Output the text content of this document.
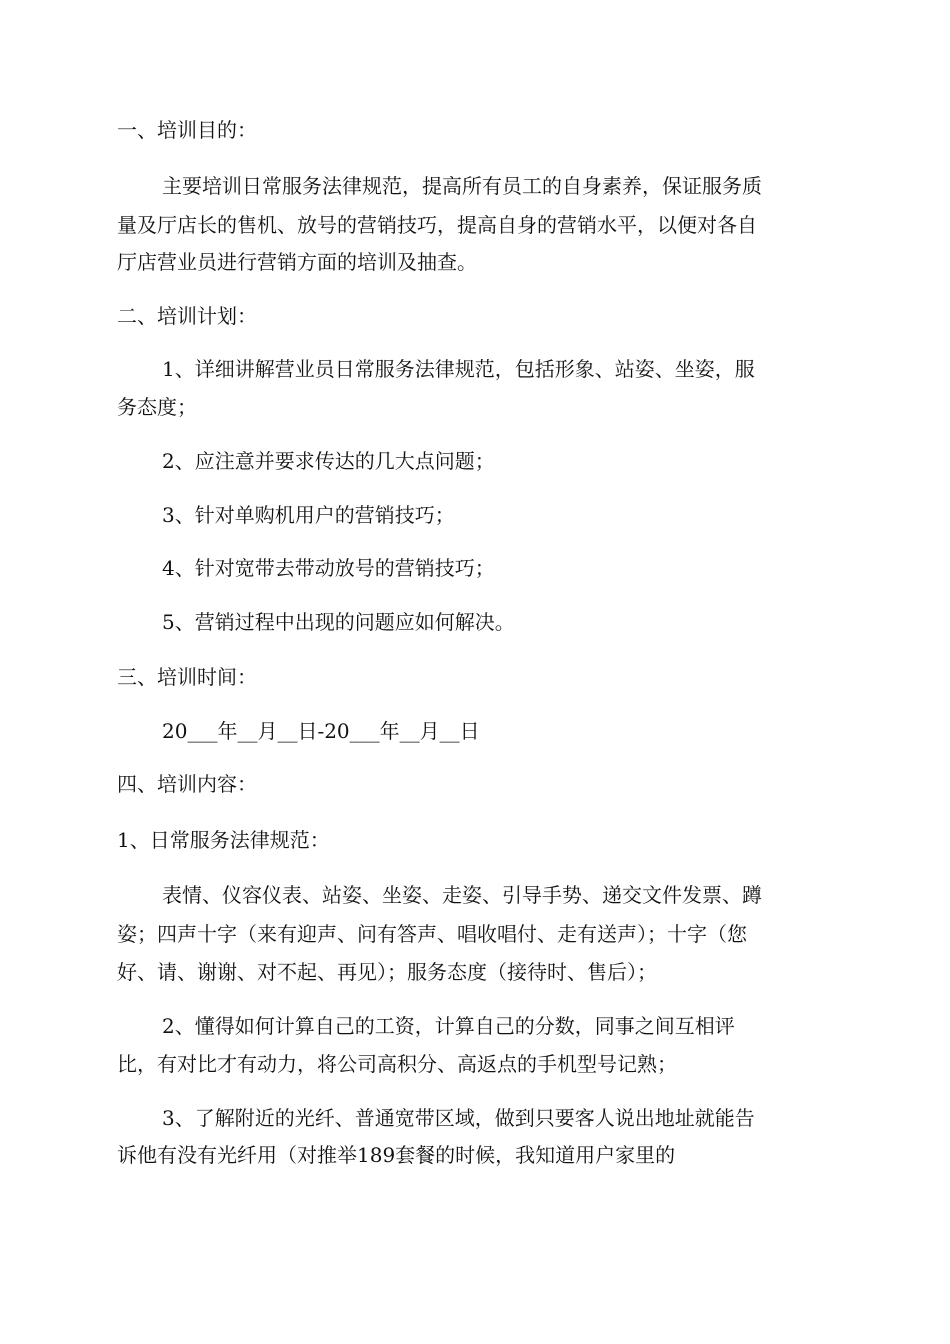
一、培训目的：
主要培训日常服务法律规范，提高所有员工的自身素养，保证服务质
量及厅店长的售机、放号的营销技巧，提高自身的营销水平，以便对各自
厅店营业员进行营销方面的培训及抽查。
二、培训计划：
1、详细讲解营业员日常服务法律规范，包括形象、站姿、坐姿，服
务态度；
2、应注意并要求传达的几大点问题；
3、针对单购机用户的营销技巧；
4、针对宽带去带动放号的营销技巧；
5、营销过程中出现的问题应如何解决。
三、培训时间：
20___年__月__日-20___年__月__日
四、培训内容：
1、日常服务法律规范：
表情、仪容仪表、站姿、坐姿、走姿、引导手势、递交文件发票、蹲
姿；四声十字（来有迎声、问有答声、唱收唱付、走有送声）；十字（您
好、请、谢谢、对不起、再见）；服务态度（接待时、售后）；
2、懂得如何计算自己的工资，计算自己的分数，同事之间互相评
比，有对比才有动力，将公司高积分、高返点的手机型号记熟；
3、了解附近的光纤、普通宽带区域，做到只要客人说出地址就能告
诉他有没有光纤用（对推举189套餐的时候，我知道用户家里的
